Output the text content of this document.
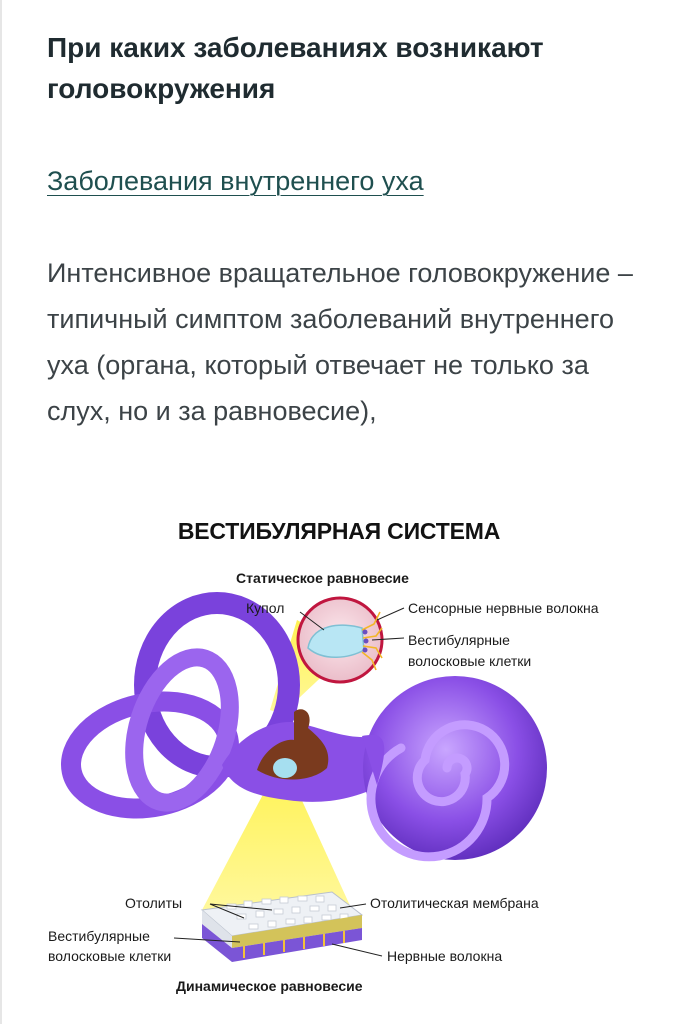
При каких заболеваниях возникают головокружения
Заболевания внутреннего уха

Интенсивное вращательное головокружение – типичный симптом заболеваний внутреннего уха (органа, который отвечает не только за слух, но и за равновесие),

ВЕСТИБУЛЯРНАЯ СИСТЕМА
Статическое равновесие
Купол	Сенсорные нервные волокна
Вестибулярные
волосковые клетки
Отолиты	Отолитическая мембрана
Вестибулярные
волосковые клетки	Нервные волокна
Динамическое равновесие
